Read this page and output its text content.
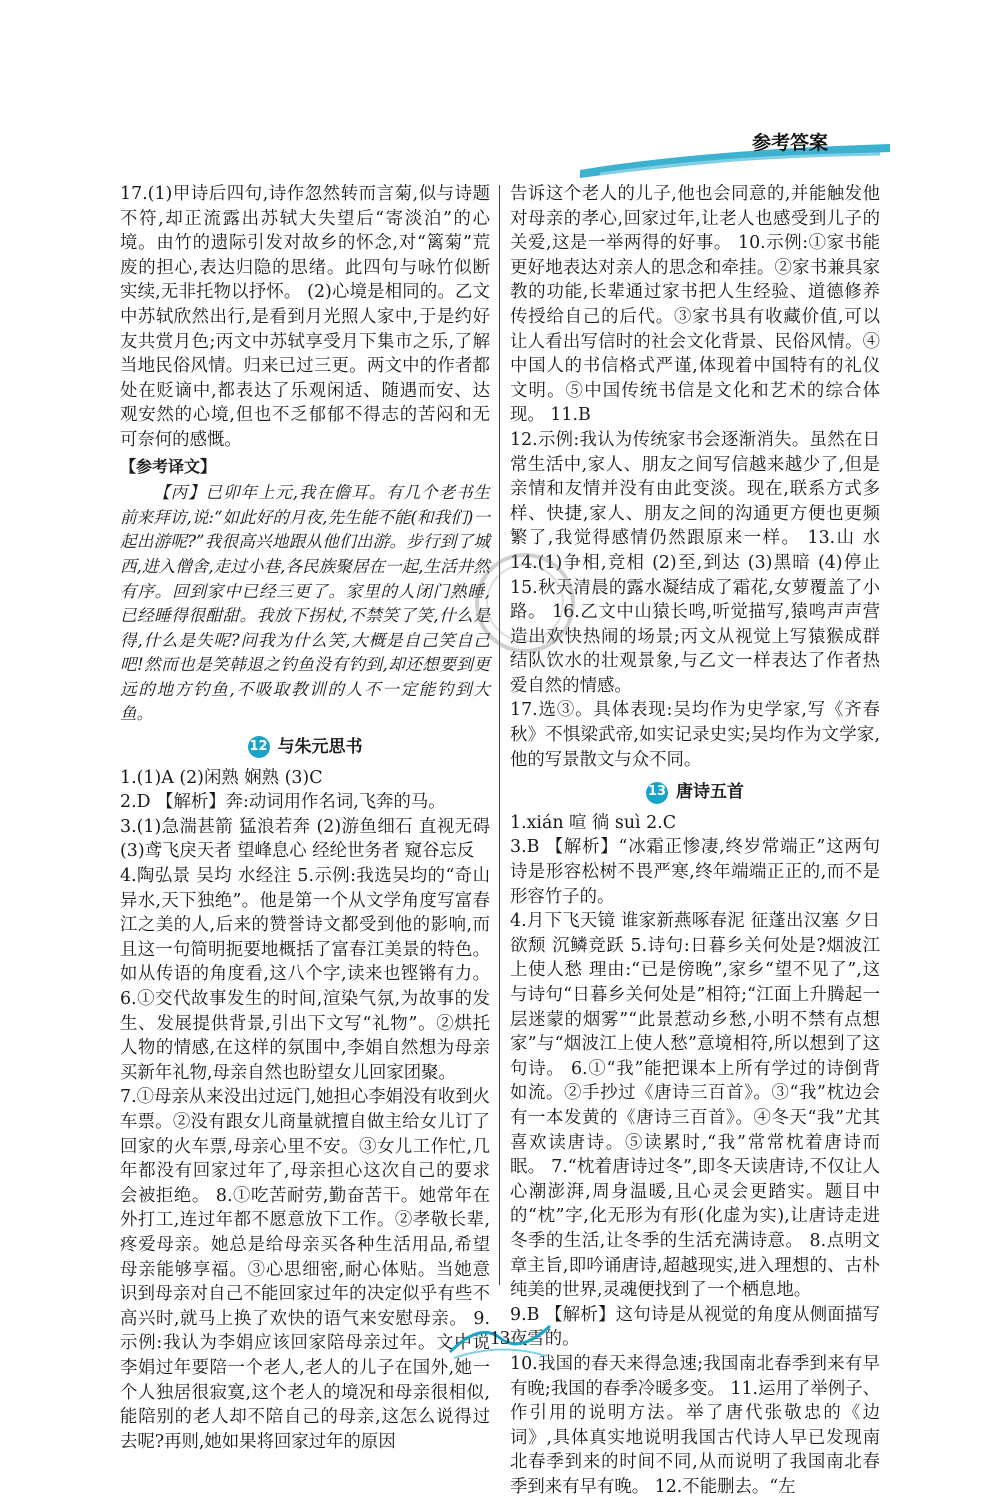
参考答案

17.(1)甲诗后四句,诗作忽然转而言菊,似与诗题不符,却正流露出苏轼大失望后“寄淡泊”的心境。由竹的遗际引发对故乡的怀念,对“篱菊”荒废的担心,表达归隐的思绪。此四句与咏竹似断实续,无非托物以抒怀。 (2)心境是相同的。乙文中苏轼欣然出行,是看到月光照人家中,于是约好友共赏月色;丙文中苏轼享受月下集市之乐,了解当地民俗风情。归来已过三更。两文中的作者都处在贬谪中,都表达了乐观闲适、随遇而安、达观安然的心境,但也不乏郁郁不得志的苦闷和无可奈何的感慨。

【参考译文】

【丙】已卯年上元,我在儋耳。有几个老书生前来拜访,说:“如此好的月夜,先生能不能(和我们)一起出游呢?”我很高兴地跟从他们出游。步行到了城西,进入僧舍,走过小巷,各民族聚居在一起,生活井然有序。回到家中已经三更了。家里的人闭门熟睡,已经睡得很酣甜。我放下拐杖,不禁笑了笑,什么是得,什么是失呢?问我为什么笑,大概是自己笑自己吧!然而也是笑韩退之钓鱼没有钓到,却还想要到更远的地方钓鱼,不吸取教训的人不一定能钓到大鱼。

12 与朱元思书

1.(1)A (2)闲熟 娴熟 (3)C

2.D 【解析】奔:动词用作名词,飞奔的马。

3.(1)急湍甚箭 猛浪若奔 (2)游鱼细石 直视无碍 (3)鸢飞戾天者 望峰息心 经纶世务者 窥谷忘反

4.陶弘景 吴均 水经注 5.示例:我选吴均的“奇山异水,天下独绝”。他是第一个从文学角度写富春江之美的人,后来的赞誉诗文都受到他的影响,而且这一句简明扼要地概括了富春江美景的特色。如从传语的角度看,这八个字,读来也铿锵有力。 6.①交代故事发生的时间,渲染气氛,为故事的发生、发展提供背景,引出下文写“礼物”。②烘托人物的情感,在这样的氛围中,李娟自然想为母亲买新年礼物,母亲自然也盼望女儿回家团聚。

7.①母亲从来没出过远门,她担心李娟没有收到火车票。②没有跟女儿商量就擅自做主给女儿订了回家的火车票,母亲心里不安。③女儿工作忙,几年都没有回家过年了,母亲担心这次自己的要求会被拒绝。 8.①吃苦耐劳,勤奋苦干。她常年在外打工,连过年都不愿意放下工作。②孝敬长辈,疼爱母亲。她总是给母亲买各种生活用品,希望母亲能够享福。③心思细密,耐心体贴。当她意识到母亲对自己不能回家过年的决定似乎有些不高兴时,就马上换了欢快的语气来安慰母亲。 9.示例:我认为李娟应该回家陪母亲过年。文中说李娟过年要陪一个老人,老人的儿子在国外,她一个人独居很寂寞,这个老人的境况和母亲很相似,能陪别的老人却不陪自己的母亲,这怎么说得过去呢?再则,她如果将回家过年的原因

告诉这个老人的儿子,他也会同意的,并能触发他对母亲的孝心,回家过年,让老人也感受到儿子的关爱,这是一举两得的好事。 10.示例:①家书能更好地表达对亲人的思念和牵挂。②家书兼具家教的功能,长辈通过家书把人生经验、道德修养传授给自己的后代。③家书具有收藏价值,可以让人看出写信时的社会文化背景、民俗风情。④中国人的书信格式严谨,体现着中国特有的礼仪文明。⑤中国传统书信是文化和艺术的综合体现。 11.B

12.示例:我认为传统家书会逐渐消失。虽然在日常生活中,家人、朋友之间写信越来越少了,但是亲情和友情并没有由此变淡。现在,联系方式多样、快捷,家人、朋友之间的沟通更方便也更频繁了,我觉得感情仍然跟原来一样。 13.山 水 14.(1)争相,竞相 (2)至,到达 (3)黑暗 (4)停止 15.秋天清晨的露水凝结成了霜花,女萝覆盖了小路。 16.乙文中山猿长鸣,听觉描写,猿鸣声声营造出欢快热闹的场景;丙文从视觉上写猿猴成群结队饮水的壮观景象,与乙文一样表达了作者热爱自然的情感。

17.选③。具体表现:吴均作为史学家,写《齐春秋》不惧梁武帝,如实记录史实;吴均作为文学家,他的写景散文与众不同。

13 唐诗五首

1.xián 喧 徜 suì 2.C

3.B 【解析】“冰霜正惨凄,终岁常端正”这两句诗是形容松树不畏严寒,终年端端正正的,而不是形容竹子的。

4.月下飞天镜 谁家新燕啄春泥 征蓬出汉塞 夕日欲颓 沉鳞竞跃 5.诗句:日暮乡关何处是?烟波江上使人愁 理由:“已是傍晚”,家乡“望不见了”,这与诗句“日暮乡关何处是”相符;“江面上升腾起一层迷蒙的烟雾”“此景惹动乡愁,小明不禁有点想家”与“烟波江上使人愁”意境相符,所以想到了这句诗。 6.①“我”能把课本上所有学过的诗倒背如流。②手抄过《唐诗三百首》。③“我”枕边会有一本发黄的《唐诗三百首》。④冬天“我”尤其喜欢读唐诗。⑤读累时,“我”常常枕着唐诗而眠。 7.“枕着唐诗过冬”,即冬天读唐诗,不仅让人心潮澎湃,周身温暖,且心灵会更踏实。题目中的“枕”字,化无形为有形(化虚为实),让唐诗走进冬季的生活,让冬季的生活充满诗意。 8.点明文章主旨,即吟诵唐诗,超越现实,进入理想的、古朴纯美的世界,灵魂便找到了一个栖息地。

9.B 【解析】这句诗是从视觉的角度从侧面描写夜雪的。

10.我国的春天来得急速;我国南北春季到来有早有晚;我国的春季冷暖多变。 11.运用了举例子、作引用的说明方法。举了唐代张敬忠的《边词》,具体真实地说明我国古代诗人早已发现南北春季到来的时间不同,从而说明了我国南北春季到来有早有晚。 12.不能删去。“左

13
